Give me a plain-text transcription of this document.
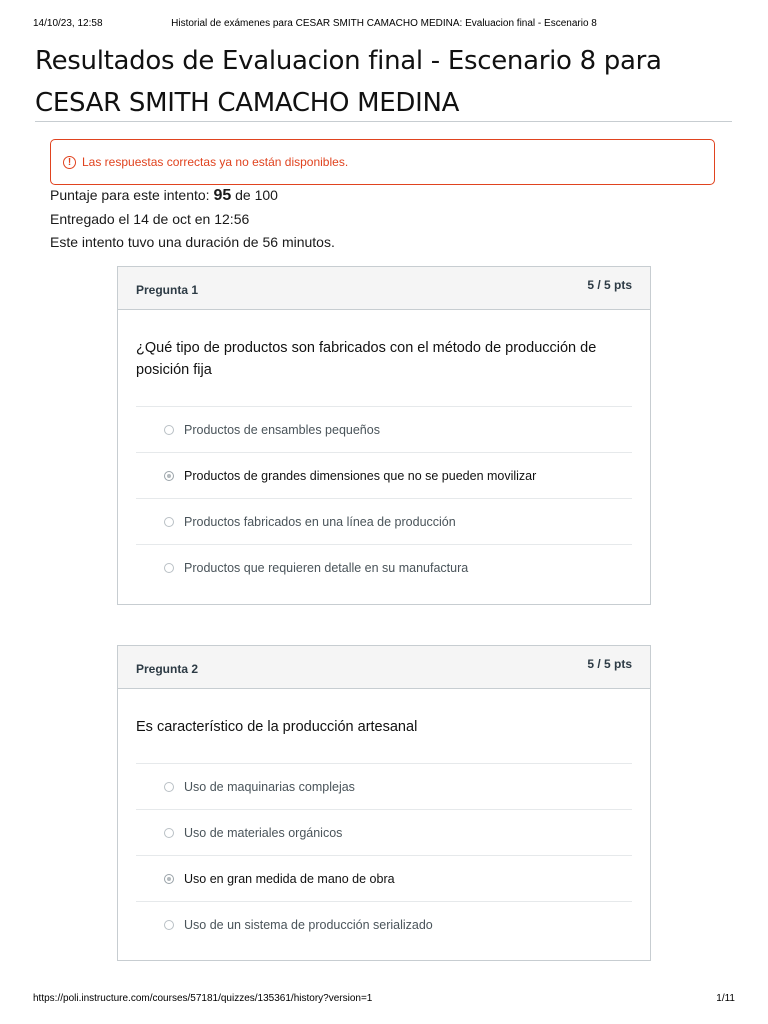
14/10/23, 12:58	Historial de exámenes para CESAR SMITH CAMACHO MEDINA: Evaluacion final - Escenario 8
Resultados de Evaluacion final - Escenario 8 para
CESAR SMITH CAMACHO MEDINA
! Las respuestas correctas ya no están disponibles.
Puntaje para este intento: 95 de 100
Entregado el 14 de oct en 12:56
Este intento tuvo una duración de 56 minutos.
Pregunta 1	5 / 5 pts
¿Qué tipo de productos son fabricados con el método de producción de posición fija
Productos de ensambles pequeños
Productos de grandes dimensiones que no se pueden movilizar
Productos fabricados en una línea de producción
Productos que requieren detalle en su manufactura
Pregunta 2	5 / 5 pts
Es característico de la producción artesanal
Uso de maquinarias complejas
Uso de materiales orgánicos
Uso en gran medida de mano de obra
Uso de un sistema de producción serializado
https://poli.instructure.com/courses/57181/quizzes/135361/history?version=1	1/11
